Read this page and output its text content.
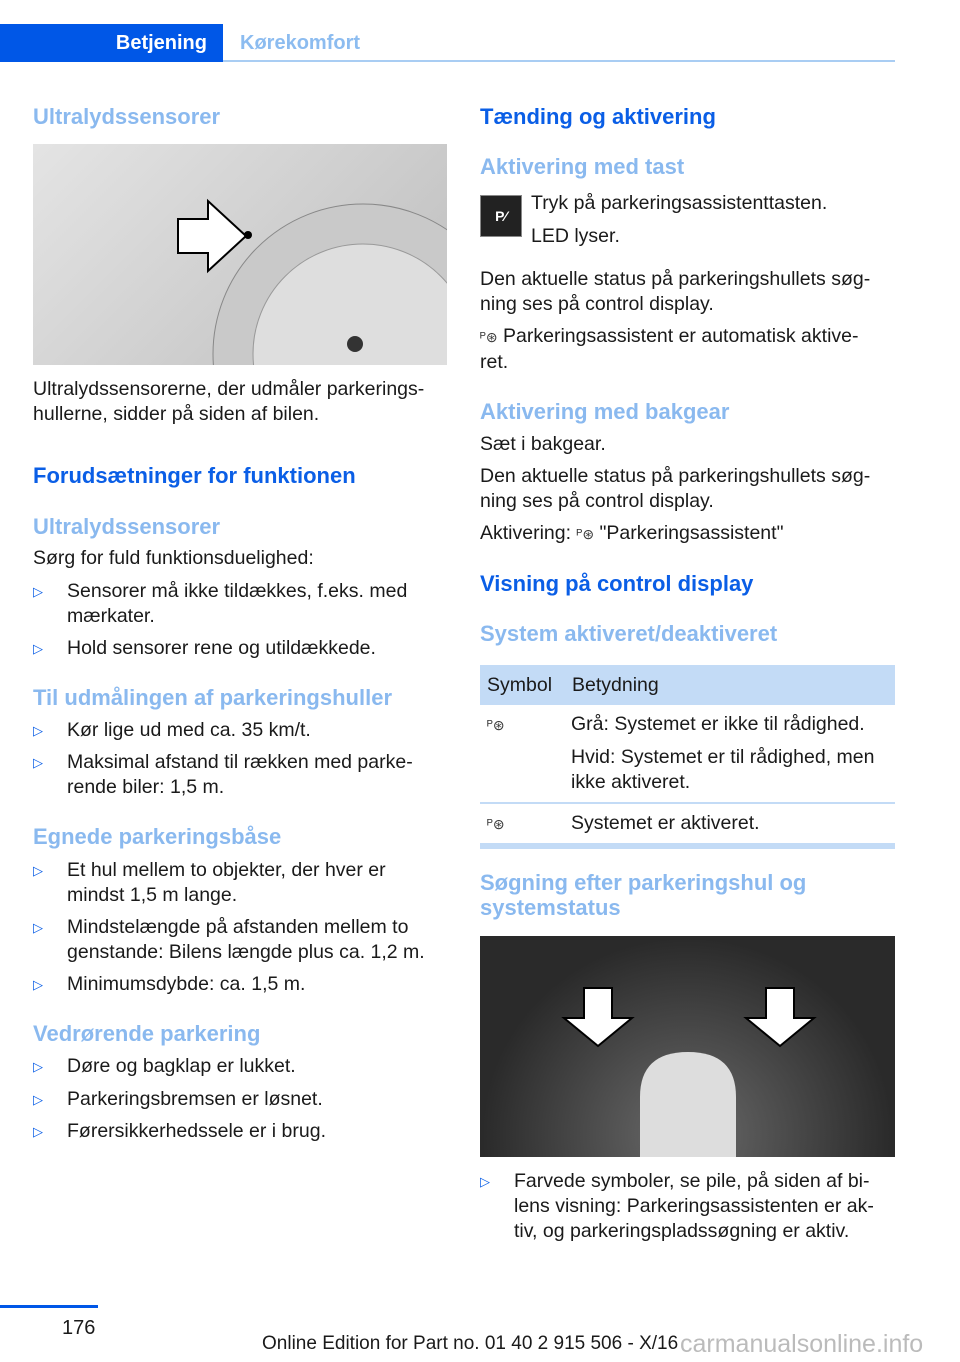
Betjening	Kørekomfort
Ultralydssensorer
Ultralydssensorerne, der udmåler parkerings-
hullerne, sidder på siden af bilen.
Forudsætninger for funktionen
Ultralydssensorer
Sørg for fuld funktionsduelighed:
▷ Sensorer må ikke tildækkes, f.eks. med
mærkater.
▷ Hold sensorer rene og utildækkede.
Til udmålingen af parkeringshuller
▷ Kør lige ud med ca. 35 km/t.
▷ Maksimal afstand til rækken med parke-
rende biler: 1,5 m.
Egnede parkeringsbåse
▷ Et hul mellem to objekter, der hver er
mindst 1,5 m lange.
▷ Mindstelængde på afstanden mellem to
genstande: Bilens længde plus ca. 1,2 m.
▷ Minimumsdybde: ca. 1,5 m.
Vedrørende parkering
▷ Døre og bagklap er lukket.
▷ Parkeringsbremsen er løsnet.
▷ Førersikkerhedssele er i brug.
Tænding og aktivering
Aktivering med tast
P⁄
Tryk på parkeringsassistenttasten.
LED lyser.
Den aktuelle status på parkeringshullets søg-
ning ses på control display.
ᴾ⊛ Parkeringsassistent er automatisk aktive-
ret.
Aktivering med bakgear
Sæt i bakgear.
Den aktuelle status på parkeringshullets søg-
ning ses på control display.
Aktivering: ᴾ⊛ "Parkeringsassistent"
Visning på control display
System aktiveret/deaktiveret
Symbol	Betydning
ᴾ⊛	Grå: Systemet er ikke til rådighed.
Hvid: Systemet er til rådighed, men
ikke aktiveret.

ᴾ⊛	Systemet er aktiveret.
Søgning efter parkeringshul og
systemstatus
▷ Farvede symboler, se pile, på siden af bi-
lens visning: Parkeringsassistenten er ak-
tiv, og parkeringspladssøgning er aktiv.
176
Online Edition for Part no. 01 40 2 915 506 - X/16 carmanualsonline.info
